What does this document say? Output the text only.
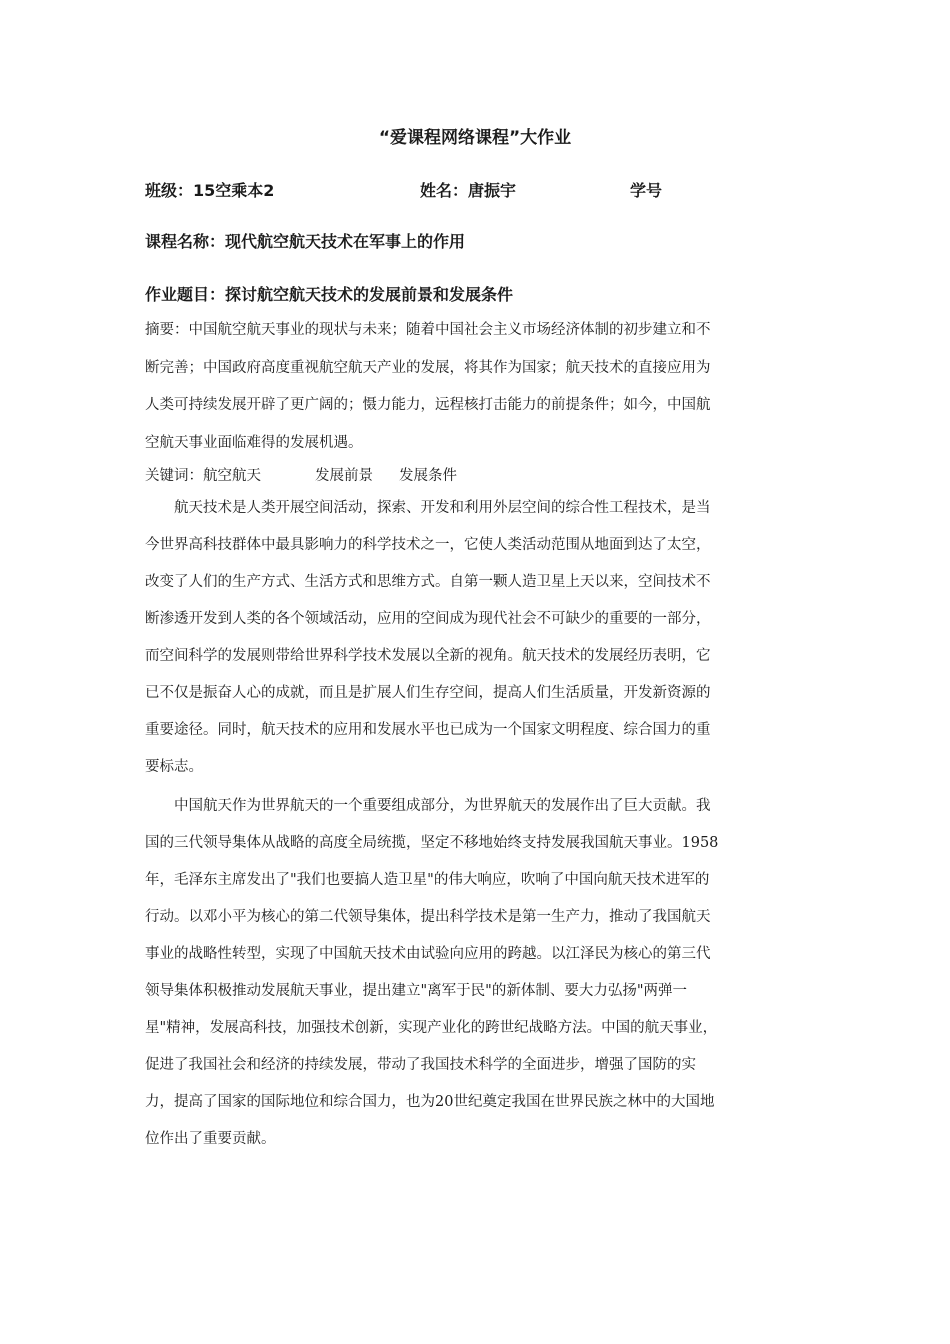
“爱课程网络课程”大作业
班级：15空乘本2	姓名：唐振宇	学号
课程名称：现代航空航天技术在军事上的作用
作业题目：探讨航空航天技术的发展前景和发展条件
摘要：中国航空航天事业的现状与未来；随着中国社会主义市场经济体制的初步建立和不
断完善；中国政府高度重视航空航天产业的发展，将其作为国家；航天技术的直接应用为
人类可持续发展开辟了更广阔的；慑力能力，远程核打击能力的前提条件；如今，中国航
空航天事业面临难得的发展机遇。
关键词：航空航天	发展前景 发展条件
　　航天技术是人类开展空间活动，探索、开发和利用外层空间的综合性工程技术，是当
今世界高科技群体中最具影响力的科学技术之一，它使人类活动范围从地面到达了太空，
改变了人们的生产方式、生活方式和思维方式。自第一颗人造卫星上天以来，空间技术不
断渗透开发到人类的各个领域活动，应用的空间成为现代社会不可缺少的重要的一部分，
而空间科学的发展则带给世界科学技术发展以全新的视角。航天技术的发展经历表明，它
已不仅是振奋人心的成就，而且是扩展人们生存空间，提高人们生活质量，开发新资源的
重要途径。同时，航天技术的应用和发展水平也已成为一个国家文明程度、综合国力的重
要标志。
　　中国航天作为世界航天的一个重要组成部分，为世界航天的发展作出了巨大贡献。我
国的三代领导集体从战略的高度全局统揽，坚定不移地始终支持发展我国航天事业。1958
年，毛泽东主席发出了"我们也要搞人造卫星"的伟大响应，吹响了中国向航天技术进军的
行动。以邓小平为核心的第二代领导集体，提出科学技术是第一生产力，推动了我国航天
事业的战略性转型，实现了中国航天技术由试验向应用的跨越。以江泽民为核心的第三代
领导集体积极推动发展航天事业，提出建立"离军于民"的新体制、要大力弘扬"两弹一
星"精神，发展高科技，加强技术创新，实现产业化的跨世纪战略方法。中国的航天事业，
促进了我国社会和经济的持续发展，带动了我国技术科学的全面进步，增强了国防的实
力，提高了国家的国际地位和综合国力，也为20世纪奠定我国在世界民族之林中的大国地
位作出了重要贡献。
